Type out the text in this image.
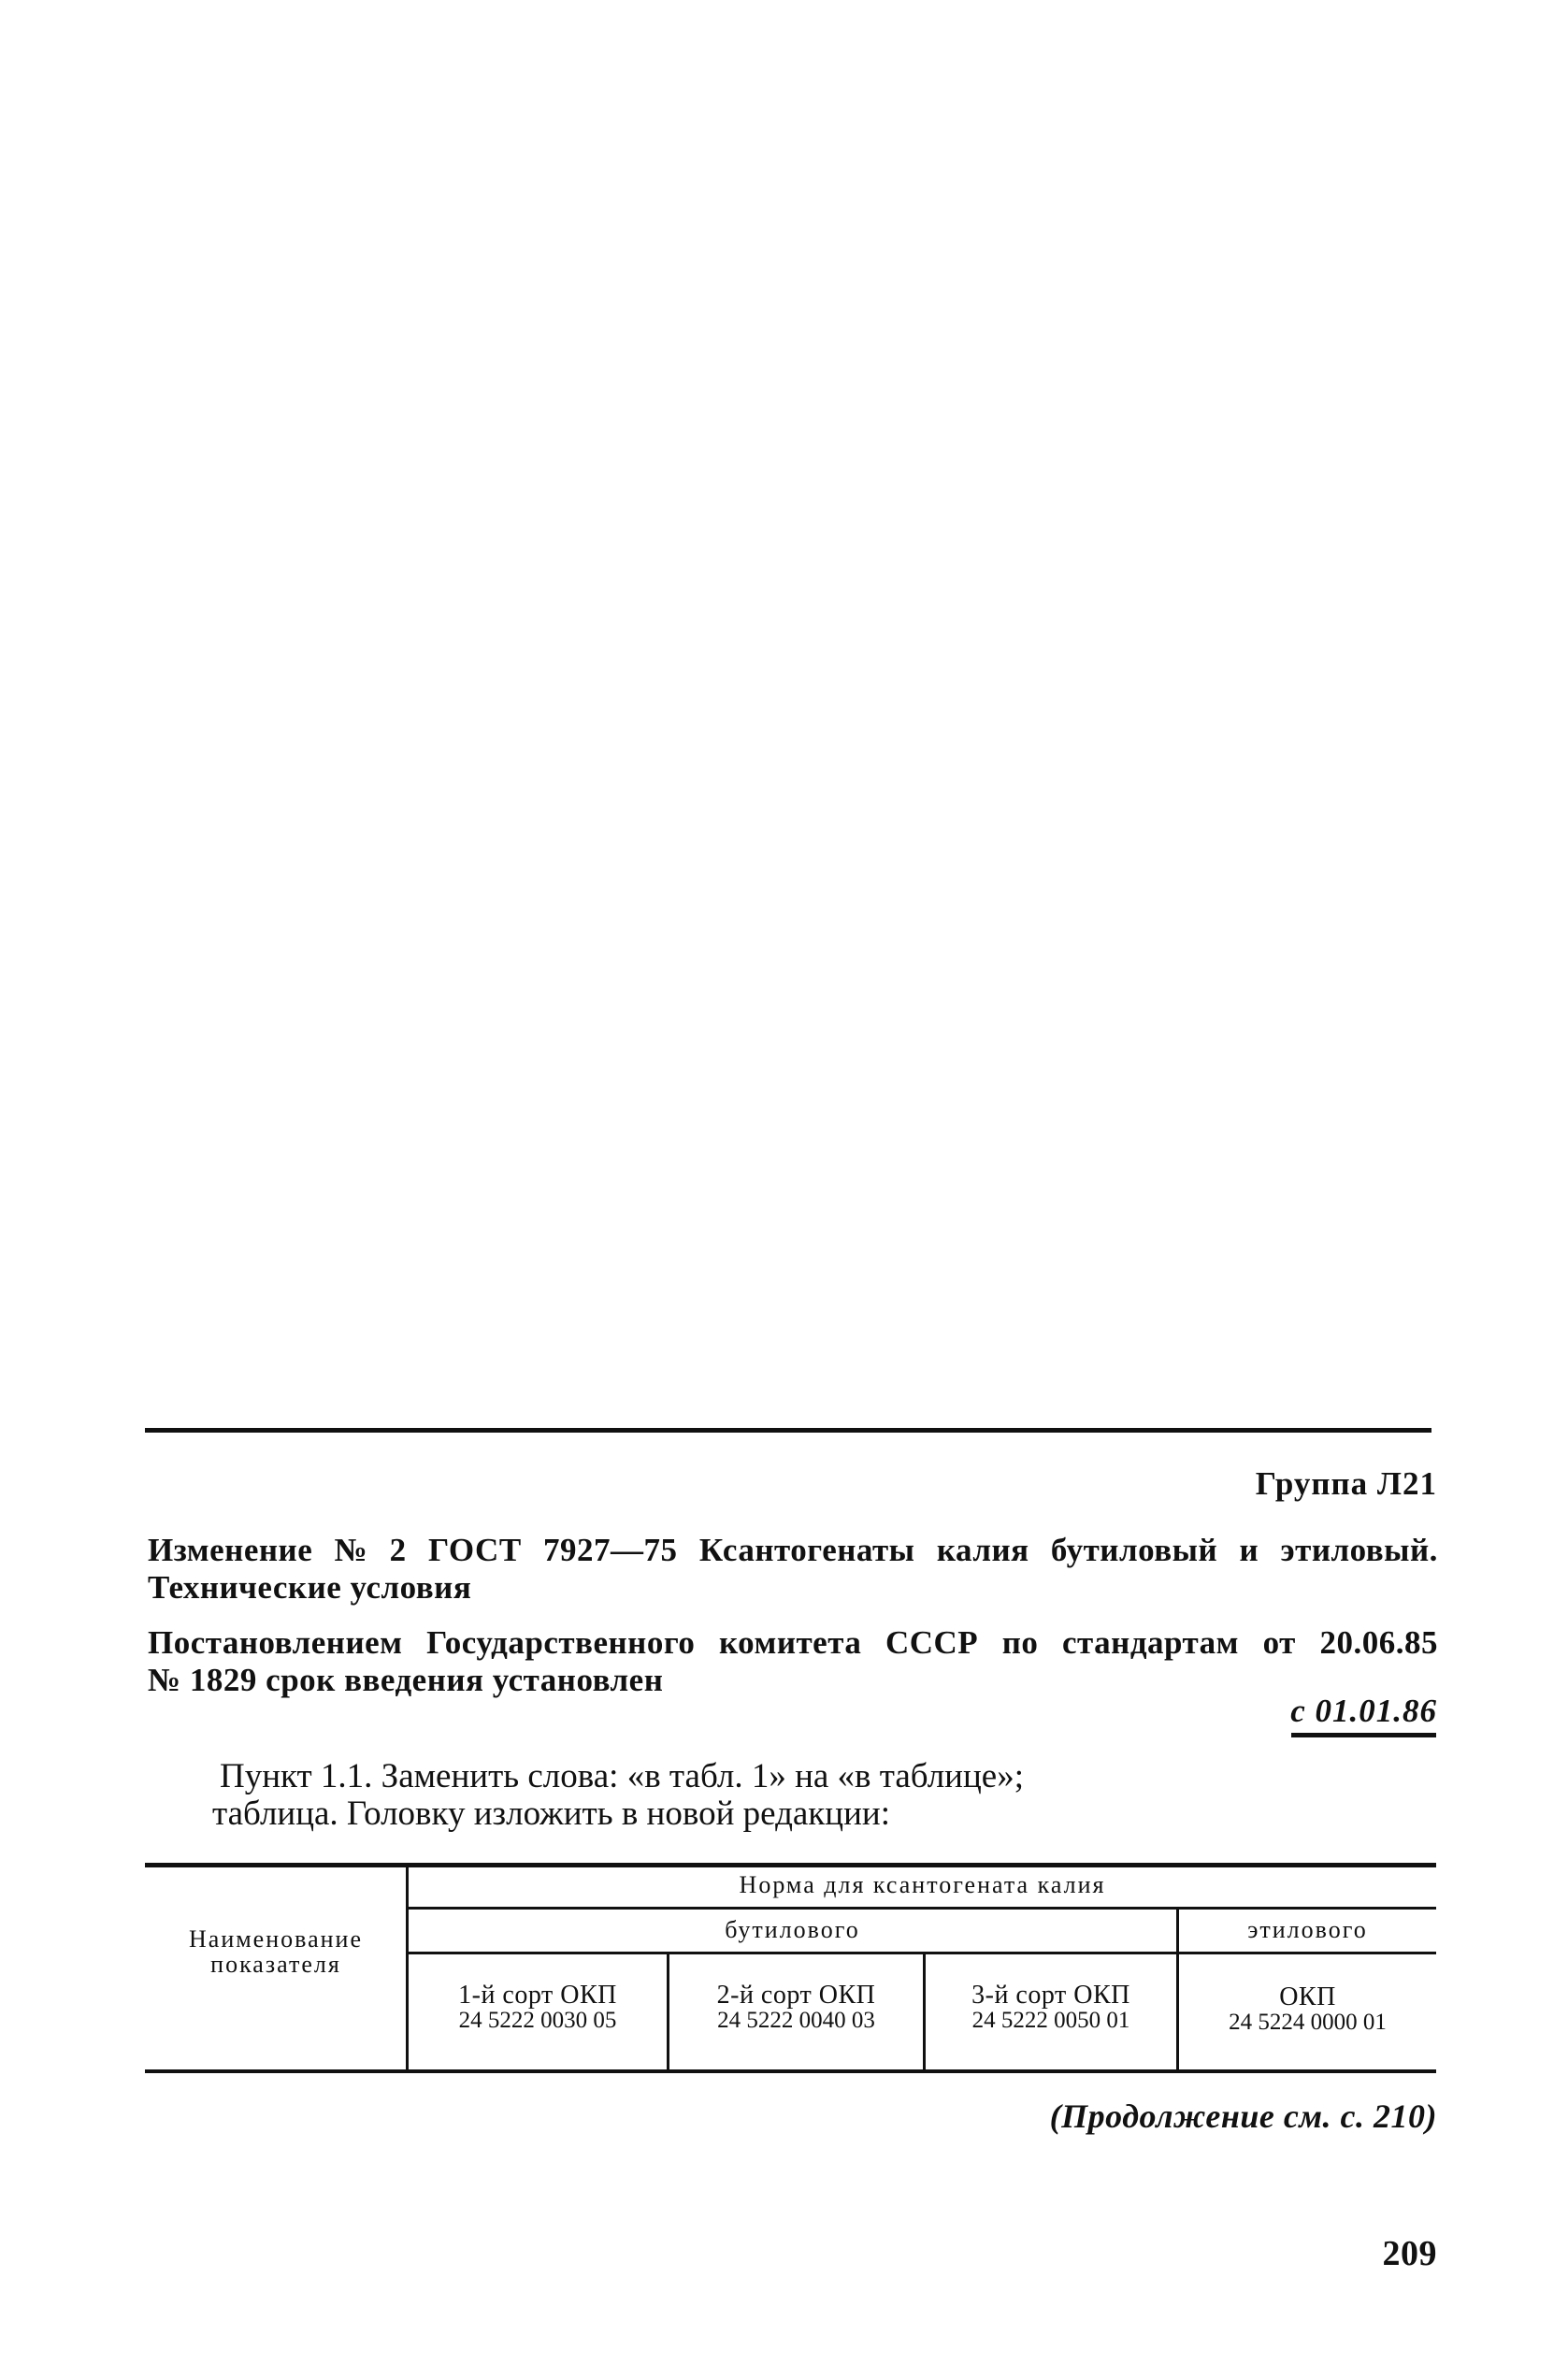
Группа Л21
Изменение № 2 ГОСТ 7927—75 Ксантогенаты калия бутиловый и этиловый.
Технические условия
Постановлением Государственного комитета СССР по стандартам от 20.06.85
№ 1829 срок введения установлен
с 01.01.86
Пункт 1.1. Заменить слова: «в табл. 1» на «в таблице»;
таблица. Головку изложить в новой редакции:
Наименование
показателя
Норма для ксантогената калия
бутилового	этилового
1-й сорт ОКП
24 5222 0030 05
2-й сорт ОКП
24 5222 0040 03
3-й сорт ОКП
24 5222 0050 01
ОКП
24 5224 0000 01
(Продолжение см. с. 210)
209
